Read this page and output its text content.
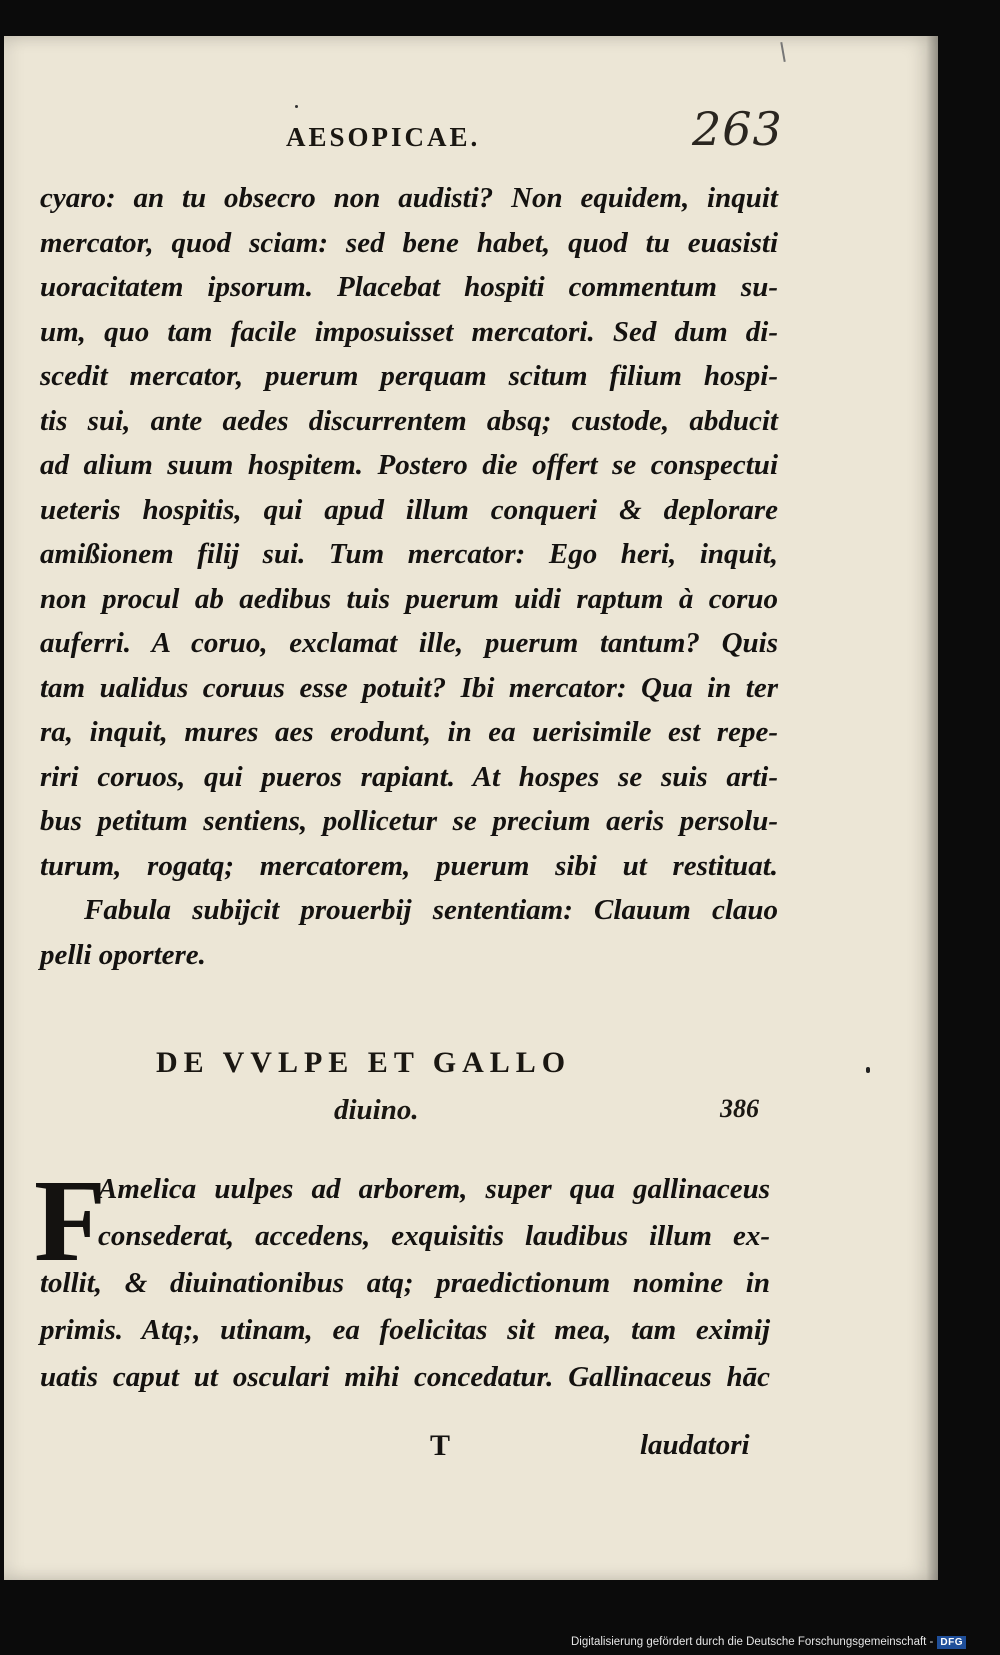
AESOPICAE.	263
cyaro: an tu obsecro non audisti? Non equidem, inquit
mercator, quod sciam: sed bene habet, quod tu euasisti
uoracitatem ipsorum. Placebat hospiti commentum su-
um, quo tam facile imposuisset mercatori. Sed dum di-
scedit mercator, puerum perquam scitum filium hospi-
tis sui, ante aedes discurrentem absq; custode, abducit
ad alium suum hospitem. Postero die offert se conspectui
ueteris hospitis, qui apud illum conqueri & deplorare
amißionem filij sui. Tum mercator: Ego heri, inquit,
non procul ab aedibus tuis puerum uidi raptum à coruo
auferri. A coruo, exclamat ille, puerum tantum? Quis
tam ualidus coruus esse potuit? Ibi mercator: Qua in ter
ra, inquit, mures aes erodunt, in ea uerisimile est repe-
riri coruos, qui pueros rapiant. At hospes se suis arti-
bus petitum sentiens, pollicetur se precium aeris persolu-
turum, rogatq; mercatorem, puerum sibi ut restituat.
Fabula subijcit prouerbij sententiam: Clauum clauo
pelli oportere.
DE VVLPE ET GALLO
diuino.	386
F
Amelica uulpes ad arborem, super qua gallinaceus
consederat, accedens, exquisitis laudibus illum ex-
tollit, & diuinationibus atq; praedictionum nomine in
primis. Atq;, utinam, ea foelicitas sit mea, tam eximij
uatis caput ut osculari mihi concedatur. Gallinaceus hāc
T	laudatori
Digitalisierung gefördert durch die Deutsche Forschungsgemeinschaft - DFG
